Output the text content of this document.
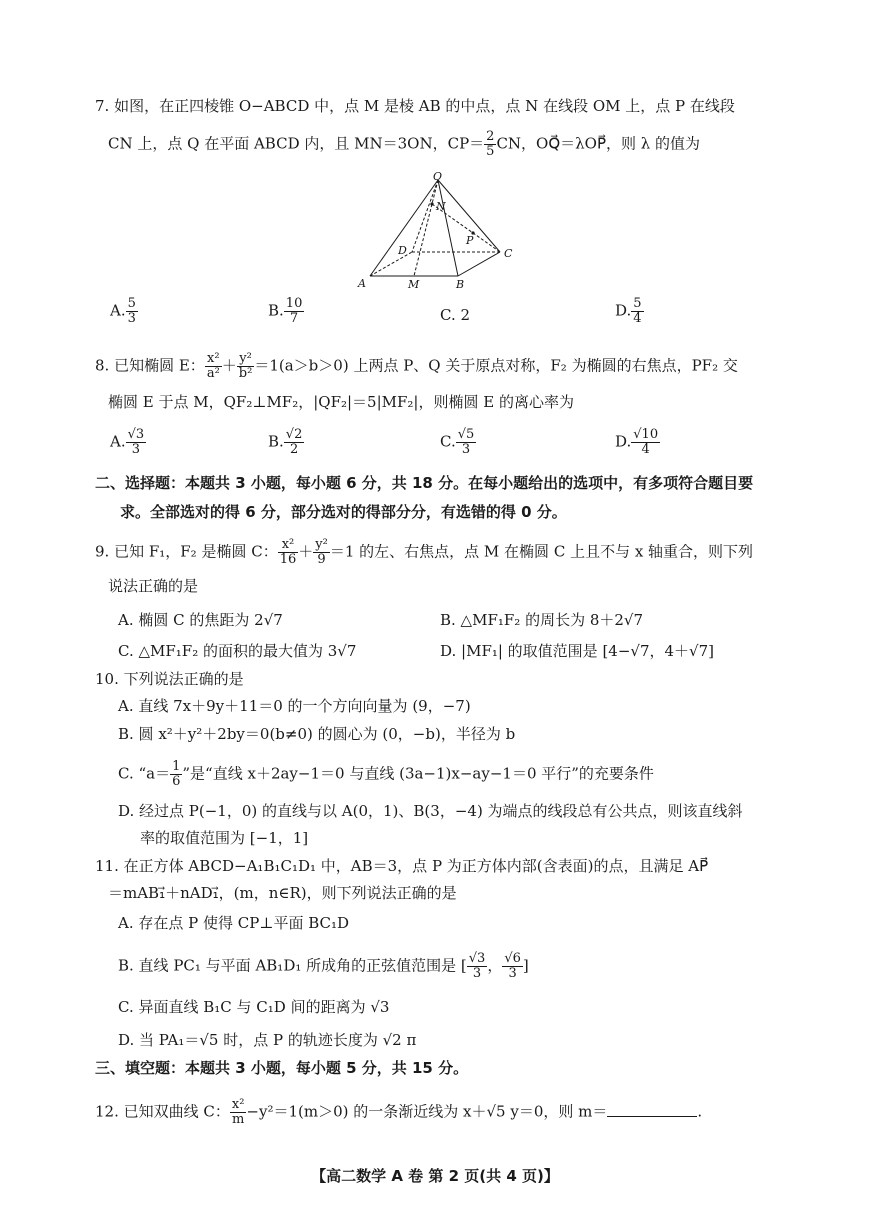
7. 如图，在正四棱锥 O−ABCD 中，点 M 是棱 AB 的中点，点 N 在线段 OM 上，点 P 在线段
CN 上，点 Q 在平面 ABCD 内，且 MN＝3ON，$CP= \frac{2}{5}$ CN，OQ⃗＝λOP⃗，则 λ 的值为
O
N
P
D	C
A	M	B
A. $\frac{5}{3}$	B. $\frac{10}{7}$	C. 2	D. $\frac{5}{4}$
8. 已知椭圆 E： $\frac{\text{x²}}{\text{a²}} + \frac{\text{y²}}{\text{b²}} =1(a>b>0)$ 上两点 P、Q 关于原点对称，F₂ 为椭圆的右焦点，PF₂ 交
椭圆 E 于点 M，QF₂⊥MF₂，|QF₂|＝5|MF₂|，则椭圆 E 的离心率为
A. $\frac{√3}{3}$	B. $\frac{√2}{2}$	C. $\frac{√5}{3}$	D. $\frac{√10}{4}$
二、选择题：本题共 3 小题，每小题 6 分，共 18 分。在每小题给出的选项中，有多项符合题目要
求。全部选对的得 6 分，部分选对的得部分分，有选错的得 0 分。
9. 已知 F₁，F₂ 是椭圆 C： $\frac{\text{x²}}{16} + \frac{\text{y²}}{9} =1$ 的左、右焦点，点 M 在椭圆 C 上且不与 x 轴重合，则下列
说法正确的是
A. 椭圆 C 的焦距为 2√7	B. △MF₁F₂ 的周长为 8＋2√7
C. △MF₁F₂ 的面积的最大值为 3√7	D. |MF₁| 的取值范围是 [4−√7，4＋√7]
10. 下列说法正确的是
A. 直线 7x＋9y＋11＝0 的一个方向向量为 (9，−7)
B. 圆 x²＋y²＋2by＝0(b≠0) 的圆心为 (0，−b)，半径为 b
C. “$a= \frac{1}{6}$ ”是“直线 x＋2ay−1＝0 与直线 (3a−1)x−ay−1＝0 平行”的充要条件
D. 经过点 P(−1，0) 的直线与以 A(0，1)、B(3，−4) 为端点的线段总有公共点，则该直线斜
率的取值范围为 [−1，1]
11. 在正方体 ABCD−A₁B₁C₁D₁ 中，AB＝3，点 P 为正方体内部(含表面)的点，且满足 AP⃗
＝mAB₁⃗＋nAD₁⃗，(m，n∈R)，则下列说法正确的是
A. 存在点 P 使得 CP⊥平面 BC₁D
B. 直线 PC₁ 与平面 AB₁D₁ 所成角的正弦值范围是 [ $\frac{√3}{3}$ ， $\frac{√6}{3}$ ]
C. 异面直线 B₁C 与 C₁D 间的距离为 √3
D. 当 PA₁＝√5 时，点 P 的轨迹长度为 √2 π
三、填空题：本题共 3 小题，每小题 5 分，共 15 分。
12. 已知双曲线 C： $\frac{\text{x²}}{m} -y^2=1(m>0)$ 的一条渐近线为 x＋√5 y＝0，则 m＝	.
【高二数学 A 卷 第 2 页(共 4 页)】
